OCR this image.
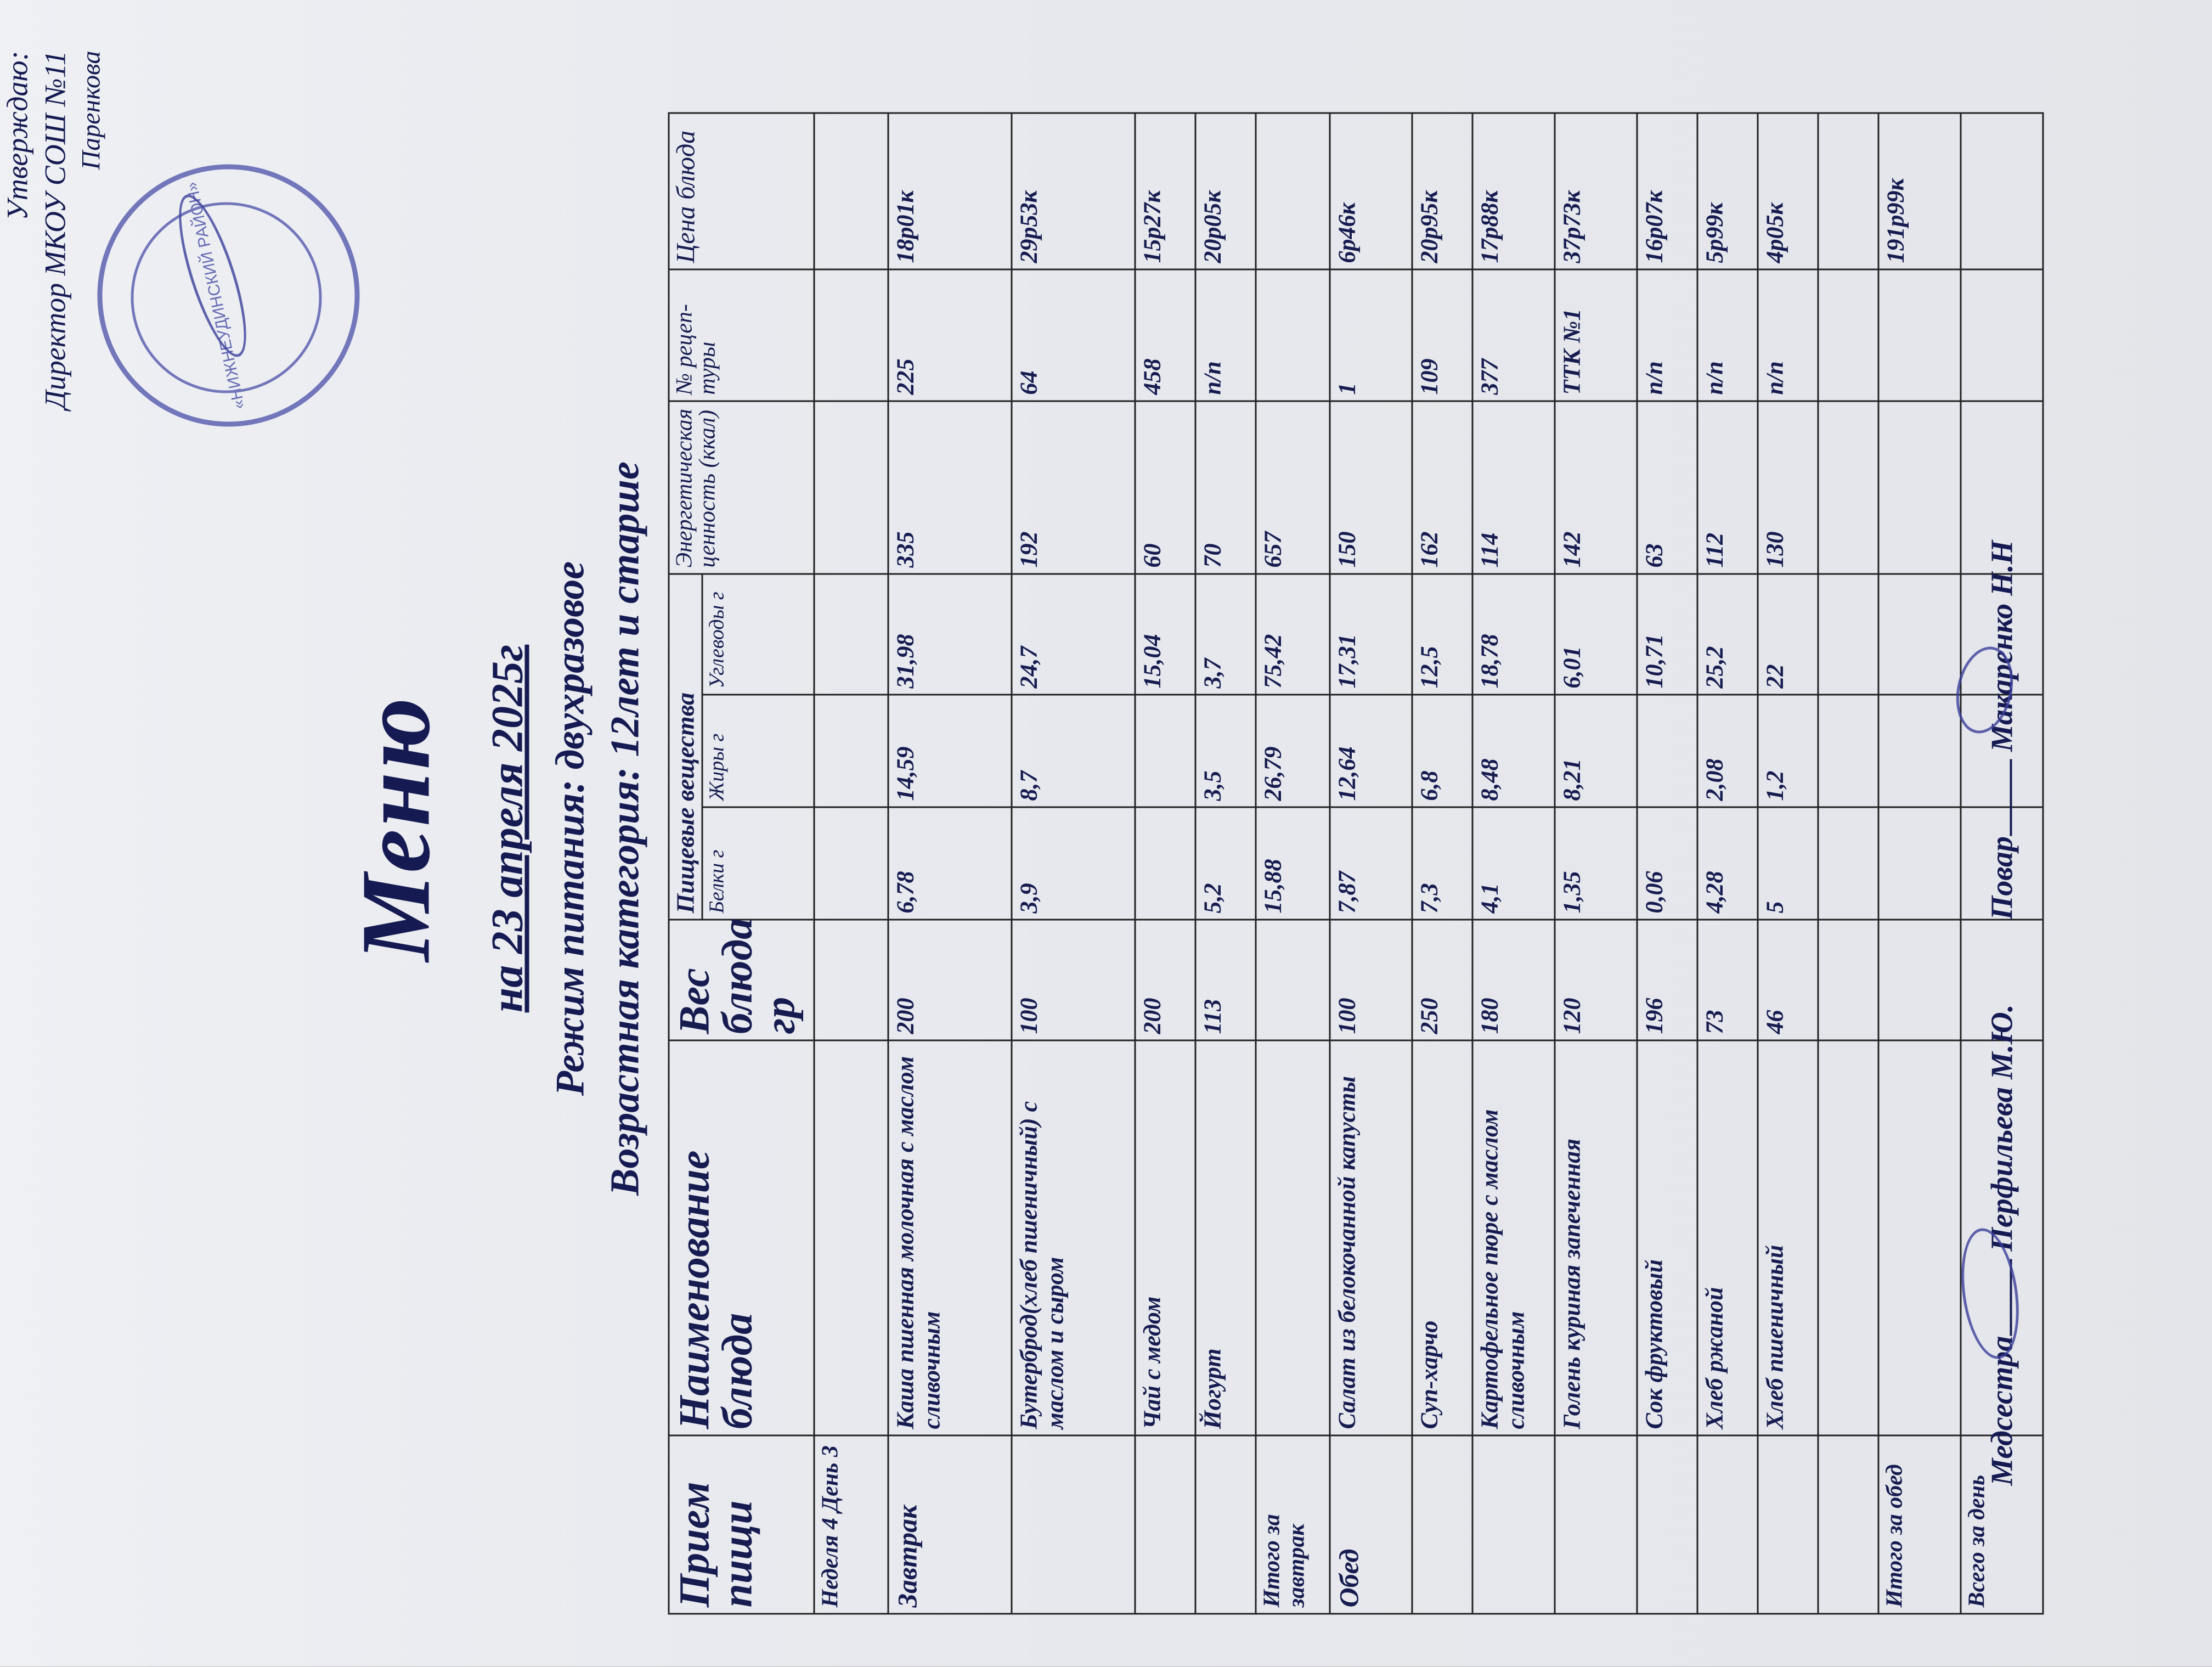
Утверждаю: Директор МКОУ СОШ №11 Паренкова
«НИЖНЕУДИНСКИЙ РАЙОН»
Меню на 23 апреля 2025г Режим питания: двухразовое Возрастная категория: 12лет и старше
Прием пищи	Наименование блюда	Вес блюда гр	Пищевые вещества			Энергетическая ценность (ккал)	№ рецеп-туры	Цена блюда
			Белки г	Жиры г	Углеводы г			
Неделя 4 День 3								
Завтрак	Каша пшенная молочная с маслом сливочным	200	6,78	14,59	31,98	335	225	18р01к
	Бутерброд(хлеб пшеничный) с маслом и сыром	100	3,9	8,7	24,7	192	64	29р53к
	Чай с медом	200			15,04	60	458	15р27к
	Йогурт	113	5,2	3,5	3,7	70	п/п	20р05к
Итого за завтрак			15,88	26,79	75,42	657		
Обед	Салат из белокочанной капусты	100	7,87	12,64	17,31	150	1	6р46к
	Суп-харчо	250	7,3	6,8	12,5	162	109	20р95к
	Картофельное пюре с маслом сливочным	180	4,1	8,48	18,78	114	377	17р88к
	Голень куриная запеченная	120	1,35	8,21	6,01	142	ТТК №1	37р73к
	Сок фруктовый	196	0,06		10,71	63	п/п	16р07к
	Хлеб ржаной	73	4,28	2,08	25,2	112	п/п	5р99к
	Хлеб пшеничный	46	5	1,2	22	130	п/п	4р05к

Итого за обед								191р99к
Всего за день								
Медсестра Перфильева М.Ю. Повар Макаренко Н.Н
